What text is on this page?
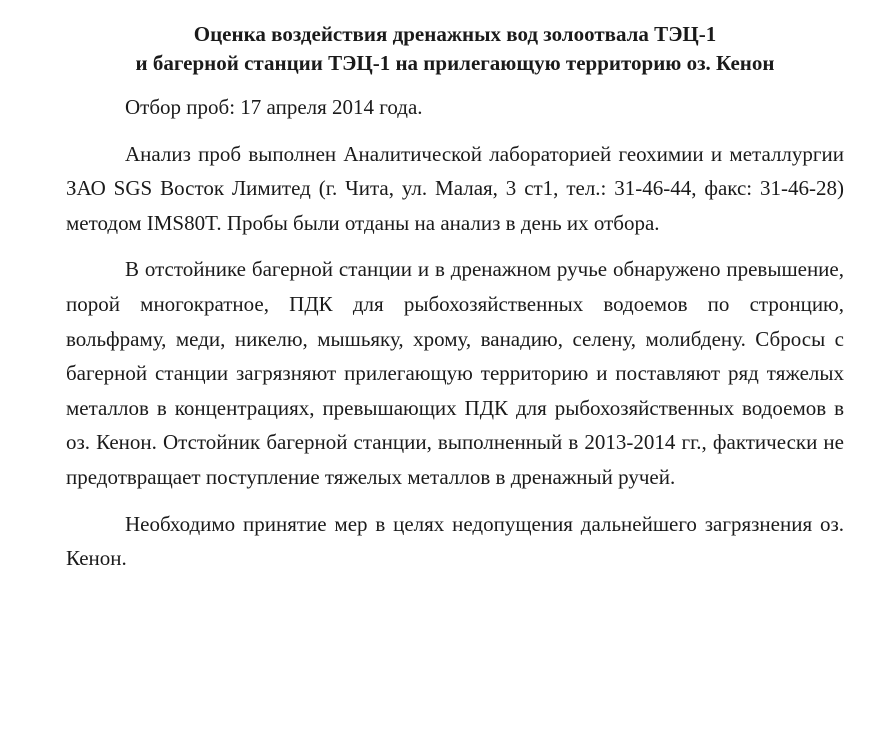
Оценка воздействия дренажных вод золоотвала ТЭЦ-1
и багерной станции ТЭЦ-1 на прилегающую территорию оз. Кенон

Отбор проб: 17 апреля 2014 года.

Анализ проб выполнен Аналитической лабораторией геохимии и металлургии ЗАО SGS Восток Лимитед (г. Чита, ул. Малая, 3 ст1, тел.: 31-46-44, факс: 31-46-28) методом IMS80T. Пробы были отданы на анализ в день их отбора.

В отстойнике багерной станции и в дренажном ручье обнаружено превышение, порой многократное, ПДК для рыбохозяйственных водоемов по стронцию, вольфраму, меди, никелю, мышьяку, хрому, ванадию, селену, молибдену. Сбросы с багерной станции загрязняют прилегающую территорию и поставляют ряд тяжелых металлов в концентрациях, превышающих ПДК для рыбохозяйственных водоемов в оз. Кенон. Отстойник багерной станции, выполненный в 2013-2014 гг., фактически не предотвращает поступление тяжелых металлов в дренажный ручей.

Необходимо принятие мер в целях недопущения дальнейшего загрязнения оз. Кенон.
